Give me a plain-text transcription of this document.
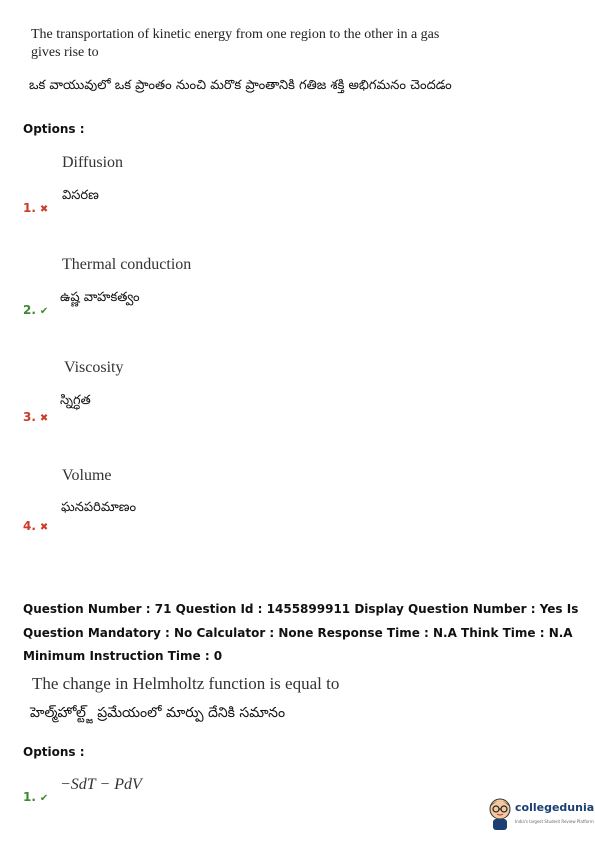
The transportation of kinetic energy from one region to the other in a gas gives rise to
ఒక వాయువులో ఒక ప్రాంతం నుంచి మరొక ప్రాంతానికి గతిజ శక్తి అభిగమనం చెందడం
Options :
Diffusion
విసరణ
1. ✖
Thermal conduction
ఉష్ణ వాహకత్వం
2. ✔
Viscosity
స్నిగ్ధత
3. ✖
Volume
ఘనపరిమాణం
4. ✖
Question Number : 71 Question Id : 1455899911 Display Question Number : Yes Is Question Mandatory : No Calculator : None Response Time : N.A Think Time : N.A Minimum Instruction Time : 0
The change in Helmholtz function is equal to
హెల్మ్‌హోల్ట్జ్ ప్రమేయంలో మార్పు దేనికి సమానం
Options :
−SdT − PdV
1. ✔
collegedunia
India's largest Student Review Platform
